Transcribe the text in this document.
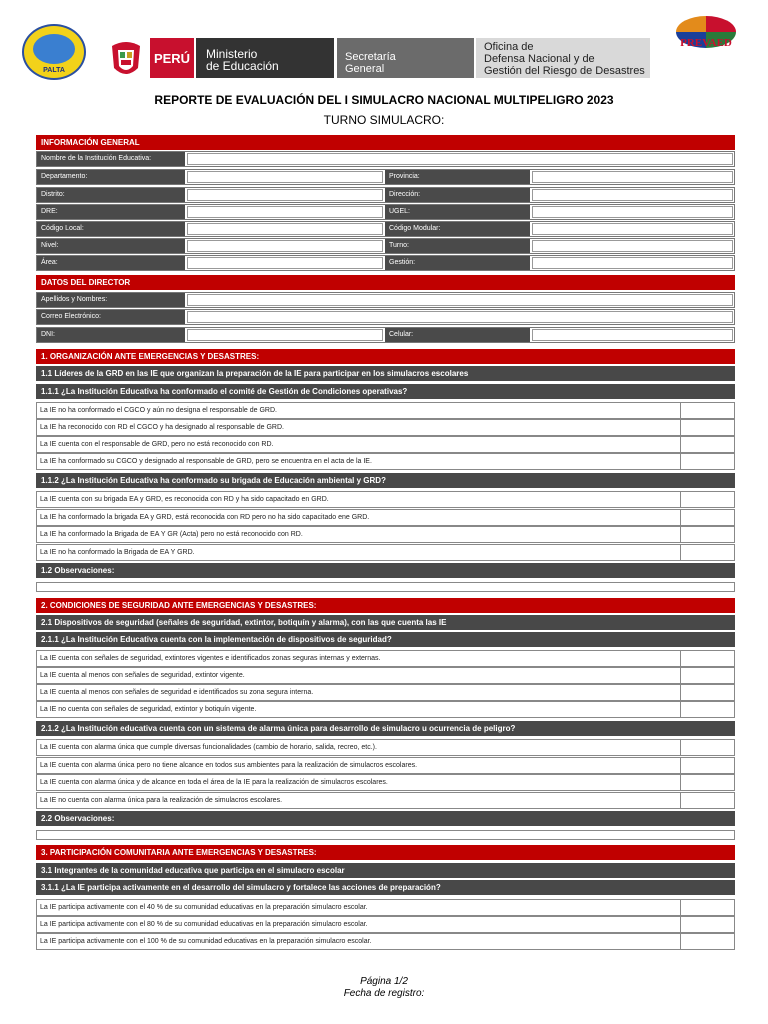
PALTA
PERÚ	Ministerio
de Educación
Secretaría
General
Oficina de
Defensa Nacional y de
Gestión del Riesgo de Desastres
PREVAED
REPORTE DE EVALUACIÓN DEL I SIMULACRO NACIONAL MULTIPELIGRO 2023
TURNO SIMULACRO:
INFORMACIÓN GENERAL
Nombre de la Institución Educativa:
Departamento:	Provincia:
Distrito:	Dirección:
DRE:	UGEL:
Código Local:	Código Modular:
Nivel:	Turno:
Área:	Gestión:
DATOS DEL DIRECTOR
Apellidos y Nombres:
Correo Electrónico:
DNI:	Celular:
1. ORGANIZACIÓN ANTE EMERGENCIAS Y DESASTRES:
1.1 Líderes de la GRD en las IE que organizan la preparación de la IE para participar en los simulacros escolares
1.1.1 ¿La Institución Educativa ha conformado el comité de Gestión de Condiciones operativas?
La IE no ha conformado el CGCO y aún no designa el responsable de GRD.
La IE ha reconocido con RD el CGCO y ha designado al responsable de GRD.
La IE cuenta con el responsable de GRD, pero no está reconocido con RD.
La IE ha conformado su CGCO y designado al responsable de GRD, pero se encuentra en el acta de la IE.
1.1.2 ¿La Institución Educativa ha conformado su brigada de Educación ambiental y GRD?
La IE cuenta con su brigada EA y GRD, es reconocida con RD y ha sido capacitado en GRD.
La IE ha conformado la brigada EA y GRD, está reconocida con RD pero no ha sido capacitado ene GRD.
La IE ha conformado la Brigada de EA Y GR (Acta) pero no está reconocido con RD.
La IE no ha conformado la Brigada de EA Y GRD.
1.2 Observaciones:
2. CONDICIONES DE SEGURIDAD ANTE EMERGENCIAS Y DESASTRES:
2.1 Dispositivos de seguridad (señales de seguridad, extintor, botiquín y alarma), con las que cuenta las IE
2.1.1 ¿La Institución Educativa cuenta con la implementación de dispositivos de seguridad?
La IE cuenta con señales de seguridad, extintores vigentes e identificados zonas seguras internas y externas.
La IE cuenta al menos con señales de seguridad, extintor vigente.
La IE cuenta al menos con señales de seguridad e identificados su zona segura interna.
La IE no cuenta con señales de seguridad, extintor y botiquín vigente.
2.1.2 ¿La Institución educativa cuenta con un sistema de alarma única para desarrollo de simulacro u ocurrencia de peligro?
La IE cuenta con alarma única que cumple diversas funcionalidades (cambio de horario, salida, recreo, etc.).
La IE cuenta con alarma única pero no tiene alcance en todos sus ambientes para la realización de simulacros escolares.
La IE cuenta con alarma única y de alcance en toda el área de la IE para la realización de simulacros escolares.
La IE no cuenta con alarma única para la realización de simulacros escolares.
2.2 Observaciones:
3. PARTICIPACIÓN COMUNITARIA ANTE EMERGENCIAS Y DESASTRES:
3.1 Integrantes de la comunidad educativa que participa en el simulacro escolar
3.1.1 ¿La IE participa activamente en el desarrollo del simulacro y fortalece las acciones de preparación?
La IE participa activamente con el 40 % de su comunidad educativas en la preparación simulacro escolar.
La IE participa activamente con el 80 % de su comunidad educativas en la preparación simulacro escolar.
La IE participa activamente con el 100 % de su comunidad educativas en la preparación simulacro escolar.
Página 1/2
Fecha de registro:
